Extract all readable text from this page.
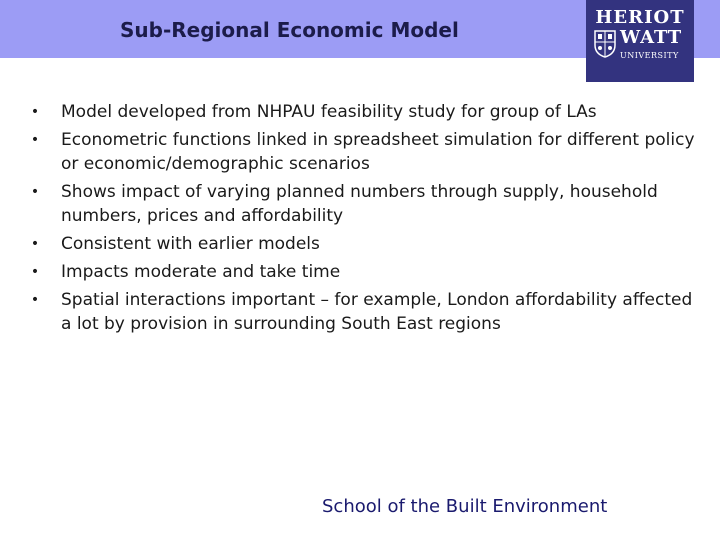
Sub-Regional Economic Model
HERIOT
WATT
UNIVERSITY
• Model developed from NHPAU feasibility study for group of LAs
• Econometric functions linked in spreadsheet simulation for different policy or economic/demographic scenarios
• Shows impact of varying planned numbers through supply, household numbers, prices and affordability
• Consistent with earlier models
• Impacts moderate and take time
• Spatial interactions important – for example, London affordability affected a lot by provision in surrounding South East regions
School of the Built Environment
